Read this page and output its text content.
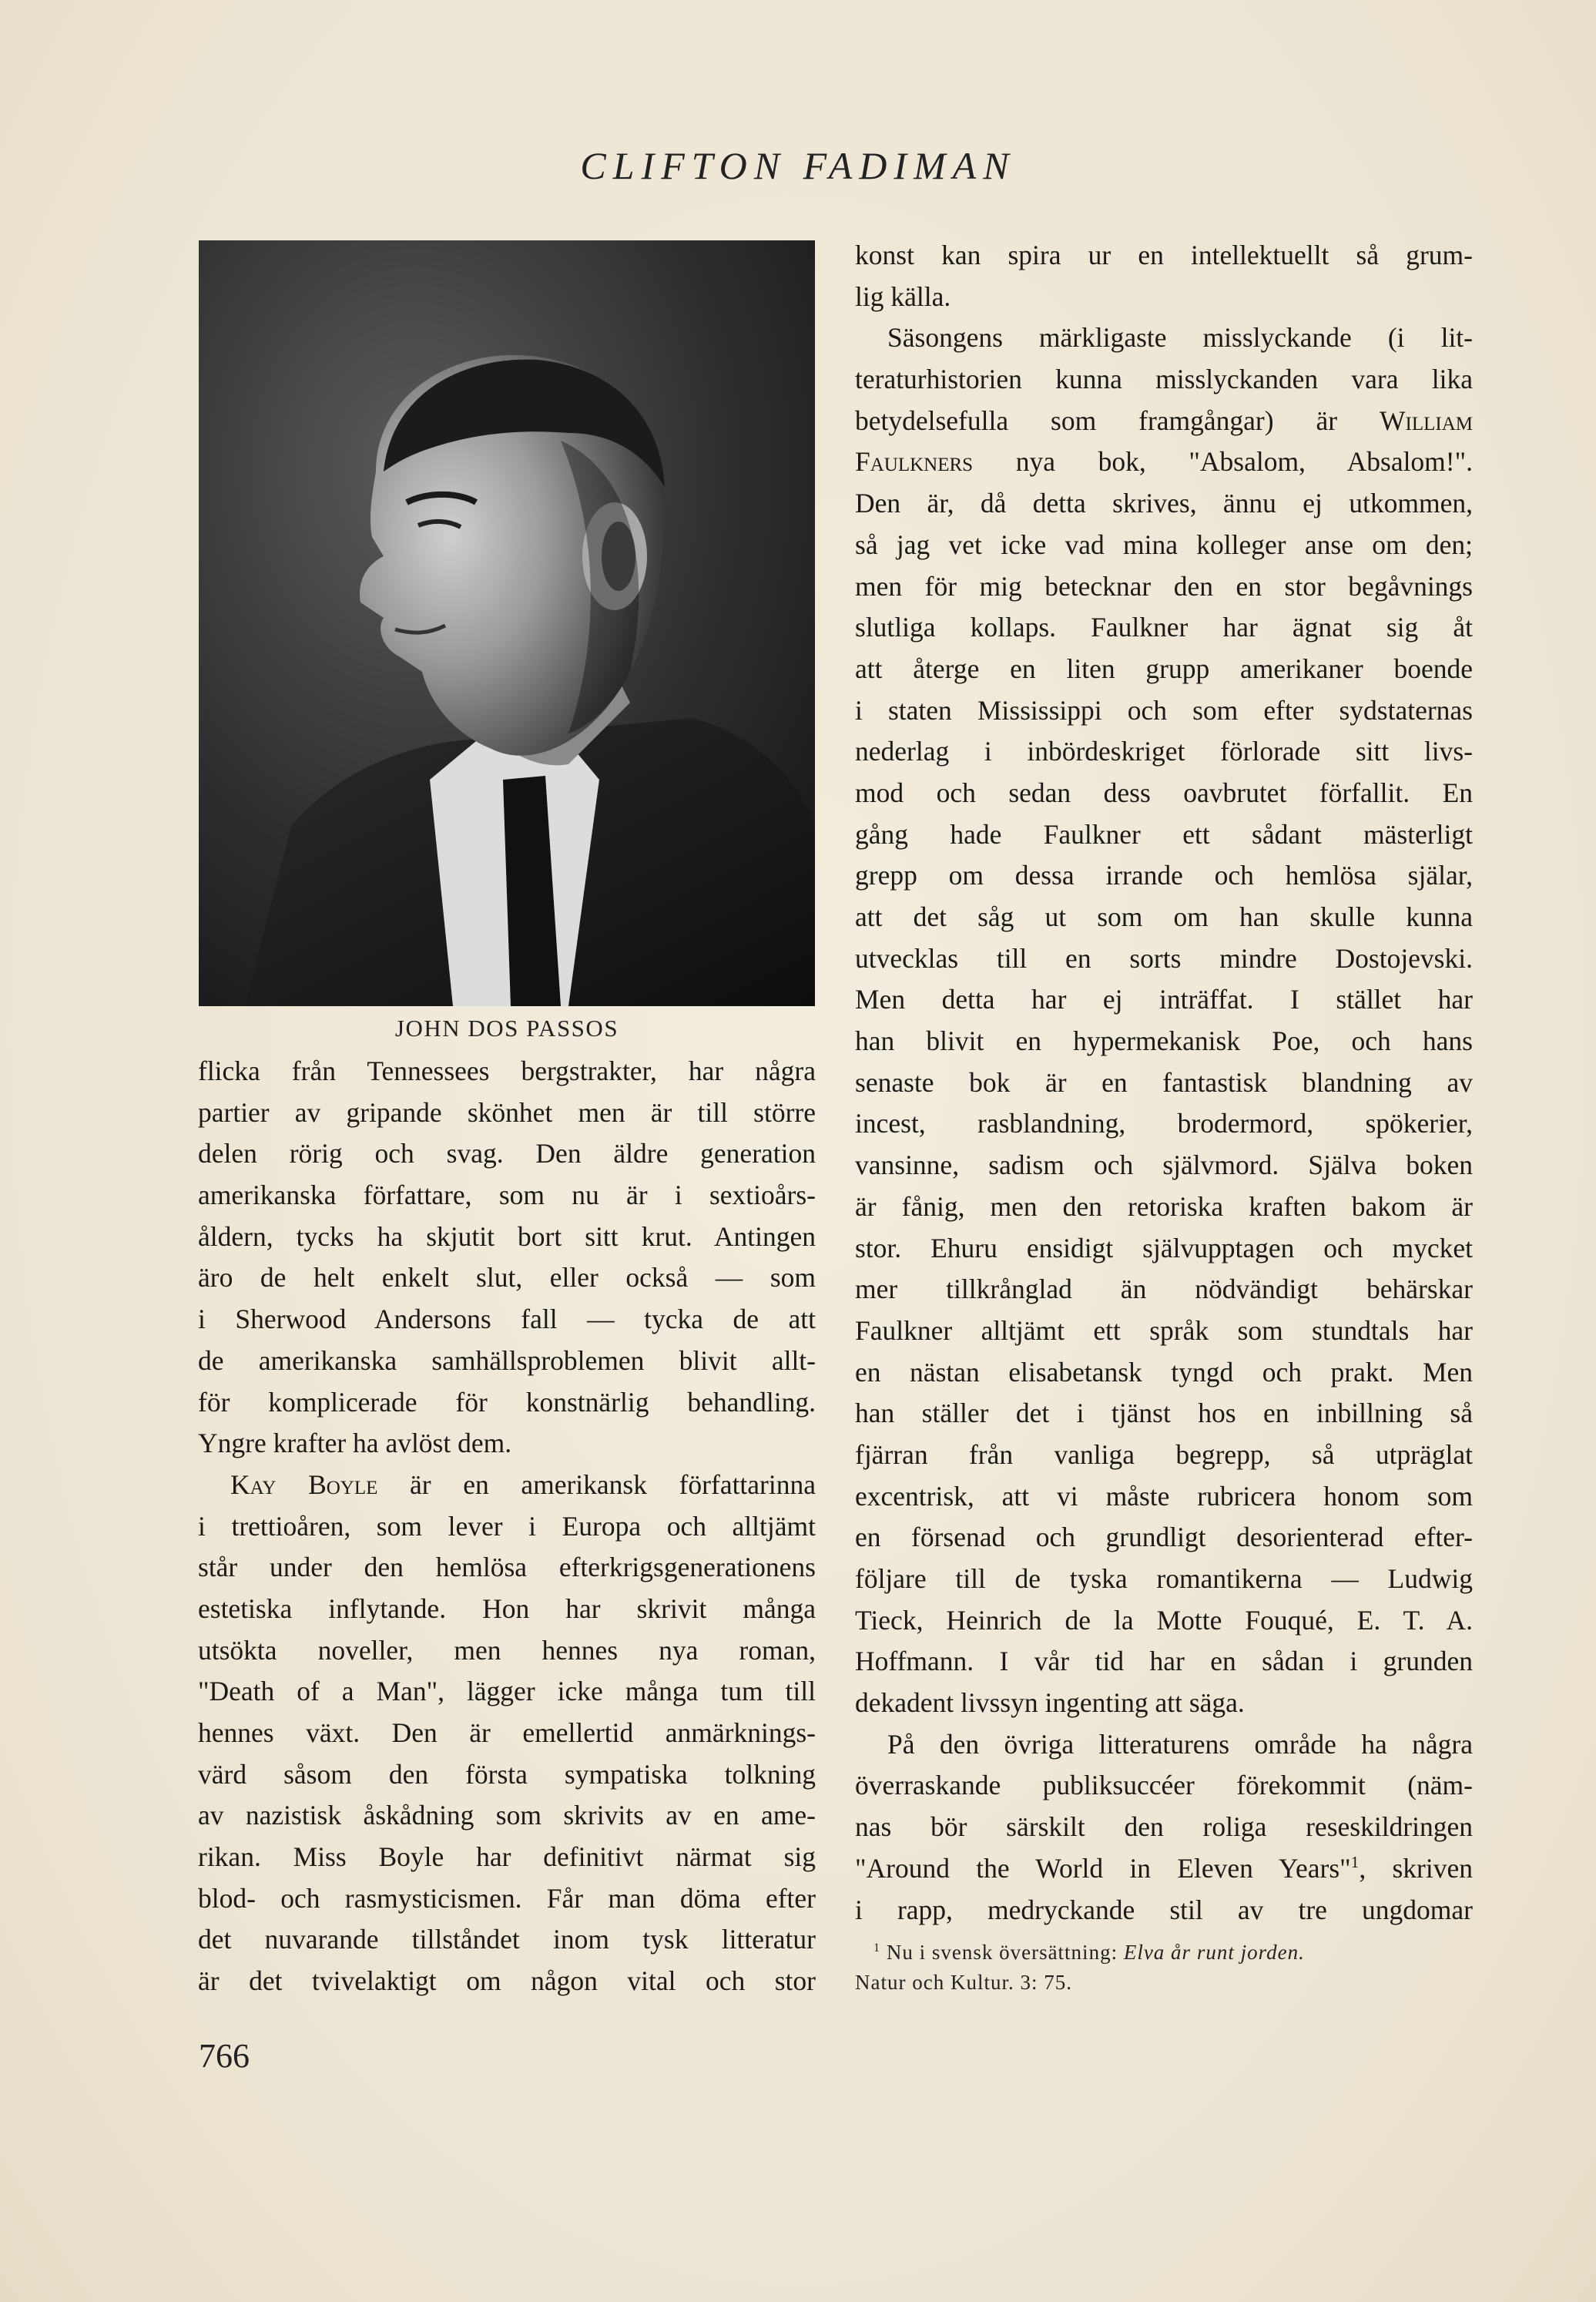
CLIFTON FADIMAN
JOHN DOS PASSOS
flicka från Tennessees bergstrakter, har några
partier av gripande skönhet men är till större
delen rörig och svag. Den äldre generation
amerikanska författare, som nu är i sextioårs-
åldern, tycks ha skjutit bort sitt krut. Antingen
äro de helt enkelt slut, eller också — som
i Sherwood Andersons fall — tycka de att
de amerikanska samhällsproblemen blivit allt-
för komplicerade för konstnärlig behandling.
Yngre krafter ha avlöst dem.
Kay Boyle är en amerikansk författarinna
i trettioåren, som lever i Europa och alltjämt
står under den hemlösa efterkrigsgenerationens
estetiska inflytande. Hon har skrivit många
utsökta noveller, men hennes nya roman,
"Death of a Man", lägger icke många tum till
hennes växt. Den är emellertid anmärknings-
värd såsom den första sympatiska tolkning
av nazistisk åskådning som skrivits av en ame-
rikan. Miss Boyle har definitivt närmat sig
blod- och rasmysticismen. Får man döma efter
det nuvarande tillståndet inom tysk litteratur
är det tvivelaktigt om någon vital och stor
konst kan spira ur en intellektuellt så grum-
lig källa.
Säsongens märkligaste misslyckande (i lit-
teraturhistorien kunna misslyckanden vara lika
betydelsefulla som framgångar) är William
Faulkners nya bok, "Absalom, Absalom!".
Den är, då detta skrives, ännu ej utkommen,
så jag vet icke vad mina kolleger anse om den;
men för mig betecknar den en stor begåvnings
slutliga kollaps. Faulkner har ägnat sig åt
att återge en liten grupp amerikaner boende
i staten Mississippi och som efter sydstaternas
nederlag i inbördeskriget förlorade sitt livs-
mod och sedan dess oavbrutet förfallit. En
gång hade Faulkner ett sådant mästerligt
grepp om dessa irrande och hemlösa själar,
att det såg ut som om han skulle kunna
utvecklas till en sorts mindre Dostojevski.
Men detta har ej inträffat. I stället har
han blivit en hypermekanisk Poe, och hans
senaste bok är en fantastisk blandning av
incest, rasblandning, brodermord, spökerier,
vansinne, sadism och självmord. Själva boken
är fånig, men den retoriska kraften bakom är
stor. Ehuru ensidigt självupptagen och mycket
mer tillkrånglad än nödvändigt behärskar
Faulkner alltjämt ett språk som stundtals har
en nästan elisabetansk tyngd och prakt. Men
han ställer det i tjänst hos en inbillning så
fjärran från vanliga begrepp, så utpräglat
excentrisk, att vi måste rubricera honom som
en försenad och grundligt desorienterad efter-
följare till de tyska romantikerna — Ludwig
Tieck, Heinrich de la Motte Fouqué, E. T. A.
Hoffmann. I vår tid har en sådan i grunden
dekadent livssyn ingenting att säga.
På den övriga litteraturens område ha några
överraskande publiksuccéer förekommit (näm-
nas bör särskilt den roliga reseskildringen
"Around the World in Eleven Years"$^1$, skriven
i rapp, medryckande stil av tre ungdomar
$^1$ Nu i svensk översättning: Elva år runt jorden.
Natur och Kultur. 3: 75.
766
